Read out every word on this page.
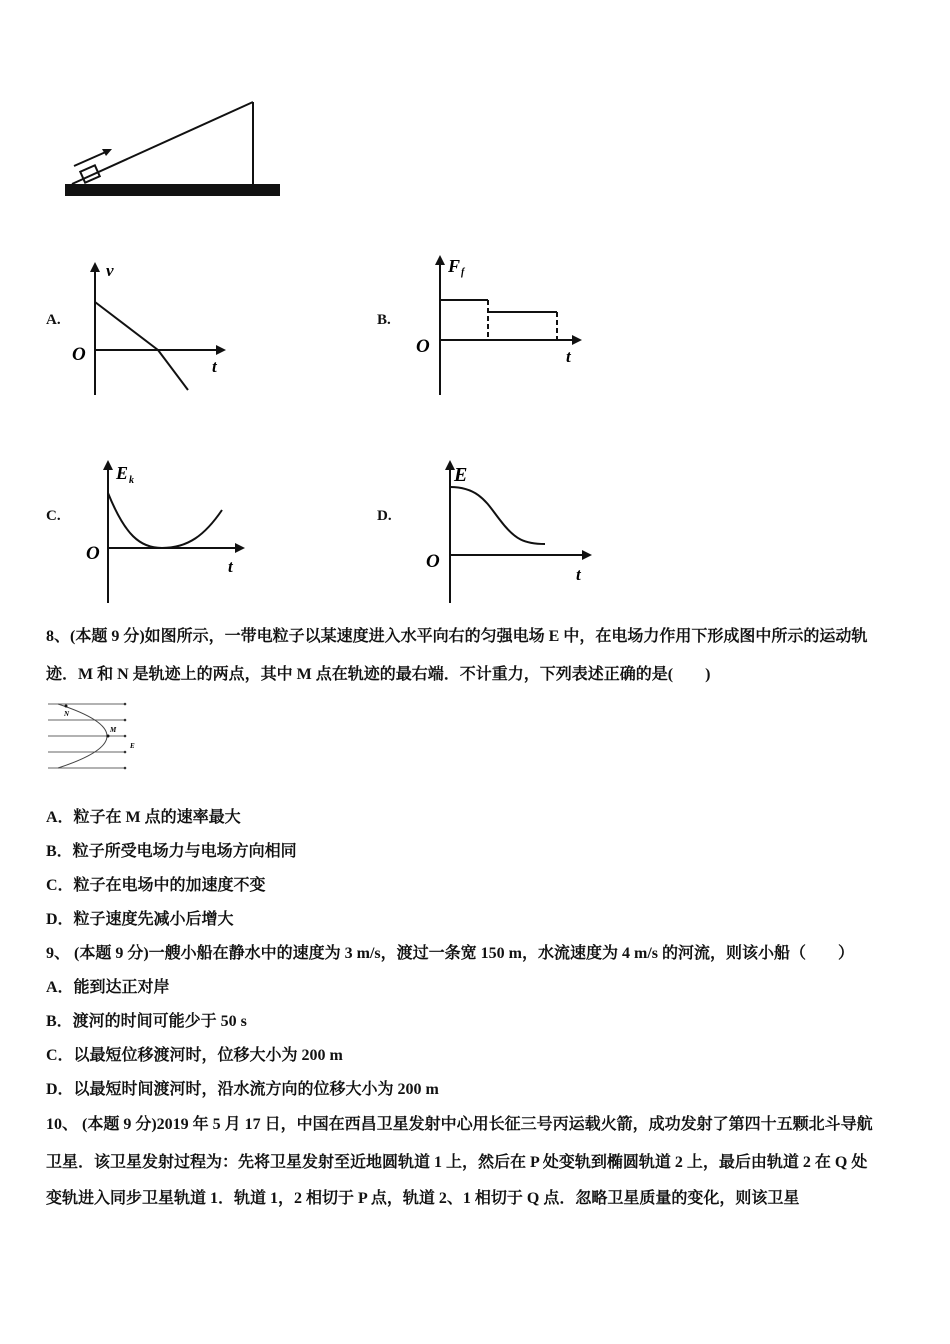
A.
v
O
t
B.
F f
O	t
C.
E k
O
t
D.
E
O
t
8、(本题 9 分)如图所示，一带电粒子以某速度进入水平向右的匀强电场 E 中，在电场力作用下形成图中所示的运动轨
迹．M 和 N 是轨迹上的两点，其中 M 点在轨迹的最右端．不计重力，下列表述正确的是(　　)
N
M
E
A．粒子在 M 点的速率最大
B．粒子所受电场力与电场方向相同
C．粒子在电场中的加速度不变
D．粒子速度先减小后增大
9、 (本题 9 分)一艘小船在静水中的速度为 3 m/s，渡过一条宽 150 m，水流速度为 4 m/s 的河流，则该小船（　　）
A．能到达正对岸
B．渡河的时间可能少于 50 s
C．以最短位移渡河时，位移大小为 200 m
D．以最短时间渡河时，沿水流方向的位移大小为 200 m
10、 (本题 9 分)2019 年 5 月 17 日，中国在西昌卫星发射中心用长征三号丙运载火箭，成功发射了第四十五颗北斗导航
卫星．该卫星发射过程为：先将卫星发射至近地圆轨道 1 上，然后在 P 处变轨到椭圆轨道 2 上，最后由轨道 2 在 Q 处
变轨进入同步卫星轨道 1．轨道 1，2 相切于 P 点，轨道 2、1 相切于 Q 点．忽略卫星质量的变化，则该卫星
